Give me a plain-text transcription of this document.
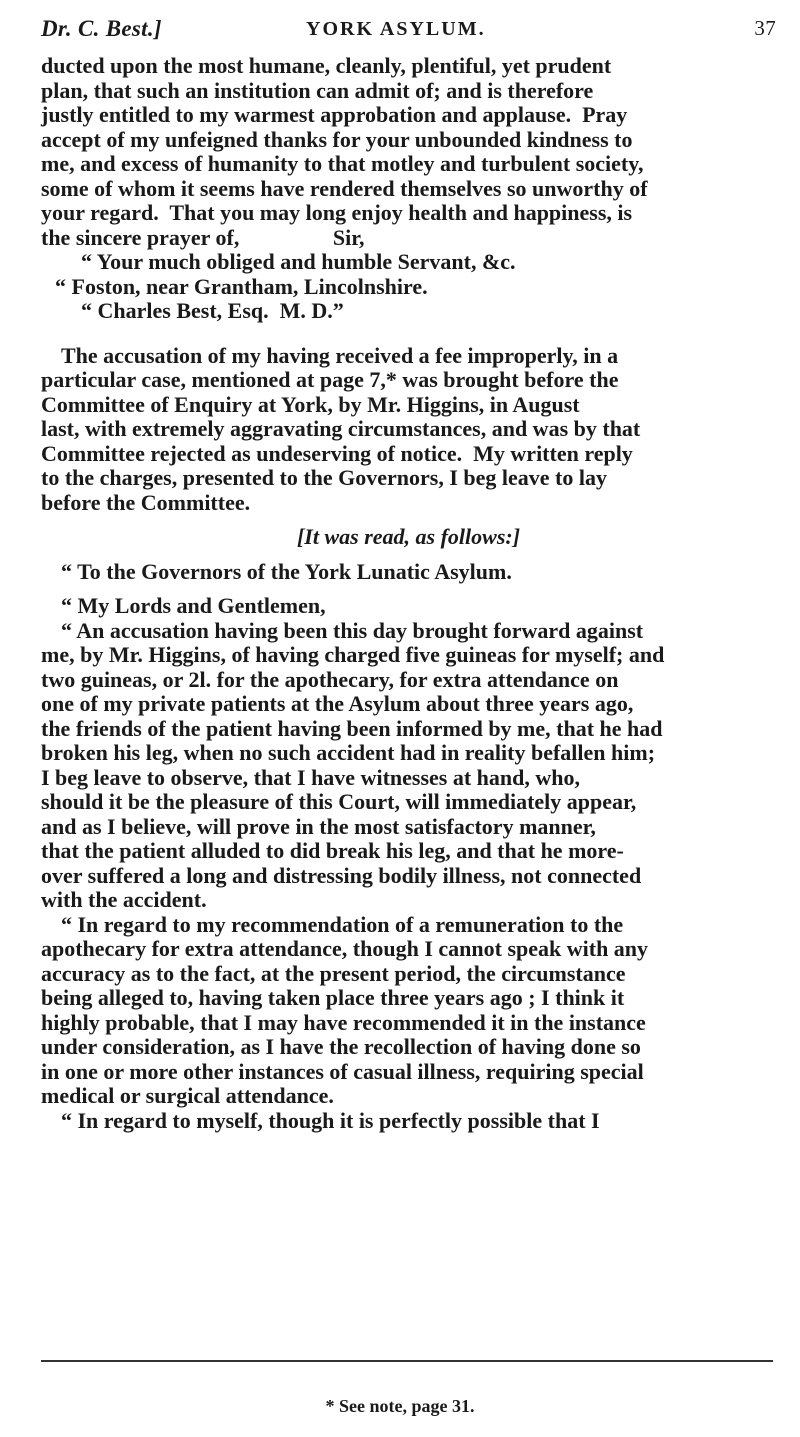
Dr. C. Best.]	YORK ASYLUM.	37
ducted upon the most humane, cleanly, plentiful, yet prudent
plan, that such an institution can admit of; and is therefore
justly entitled to my warmest approbation and applause.  Pray
accept of my unfeigned thanks for your unbounded kindness to
me, and excess of humanity to that motley and turbulent society,
some of whom it seems have rendered themselves so unworthy of
your regard.  That you may long enjoy health and happiness, is
the sincere prayer of,                 Sir,
“ Your much obliged and humble Servant, &c.
“ Foston, near Grantham, Lincolnshire.
“ Charles Best, Esq.  M. D.”
The accusation of my having received a fee improperly, in a
particular case, mentioned at page 7,* was brought before the
Committee of Enquiry at York, by Mr. Higgins, in August
last, with extremely aggravating circumstances, and was by that
Committee rejected as undeserving of notice.  My written reply
to the charges, presented to the Governors, I beg leave to lay
before the Committee.
[It was read, as follows:]
“ To the Governors of the York Lunatic Asylum.
“ My Lords and Gentlemen,
“ An accusation having been this day brought forward against
me, by Mr. Higgins, of having charged five guineas for myself; and
two guineas, or 2l. for the apothecary, for extra attendance on
one of my private patients at the Asylum about three years ago,
the friends of the patient having been informed by me, that he had
broken his leg, when no such accident had in reality befallen him;
I beg leave to observe, that I have witnesses at hand, who,
should it be the pleasure of this Court, will immediately appear,
and as I believe, will prove in the most satisfactory manner,
that the patient alluded to did break his leg, and that he more-
over suffered a long and distressing bodily illness, not connected
with the accident.
“ In regard to my recommendation of a remuneration to the
apothecary for extra attendance, though I cannot speak with any
accuracy as to the fact, at the present period, the circumstance
being alleged to, having taken place three years ago ; I think it
highly probable, that I may have recommended it in the instance
under consideration, as I have the recollection of having done so
in one or more other instances of casual illness, requiring special
medical or surgical attendance.
“ In regard to myself, though it is perfectly possible that I
* See note, page 31.
